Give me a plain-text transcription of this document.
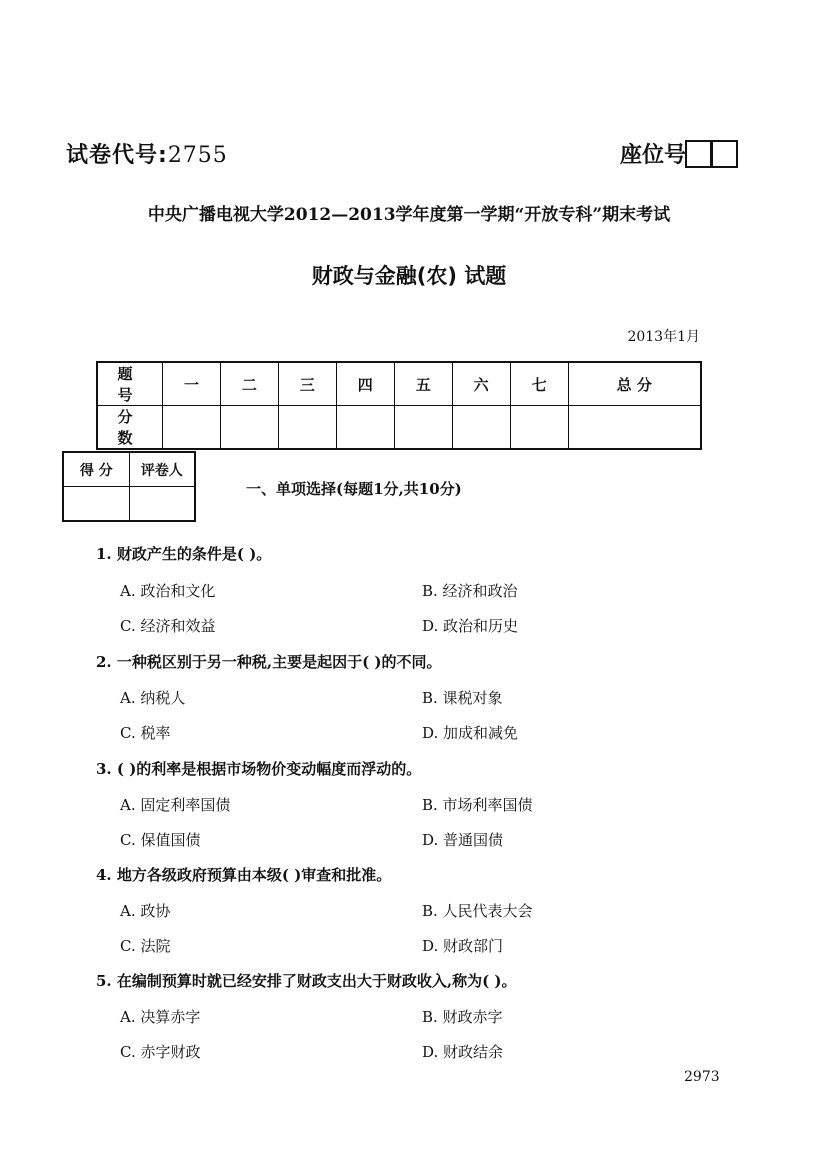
试卷代号:2755	座位号
中央广播电视大学2012—2013学年度第一学期“开放专科”期末考试
财政与金融(农) 试题
2013年1月
题 号	一	二	三	四	五	六	七	总 分
分 数								
得 分	评卷人

一、单项选择(每题1分,共10分)
1. 财政产生的条件是( )。
A. 政治和文化	B. 经济和政治
C. 经济和效益	D. 政治和历史
2. 一种税区别于另一种税,主要是起因于( )的不同。
A. 纳税人	B. 课税对象
C. 税率	D. 加成和减免
3. ( )的利率是根据市场物价变动幅度而浮动的。
A. 固定利率国债	B. 市场利率国债
C. 保值国债	D. 普通国债
4. 地方各级政府预算由本级( )审查和批准。
A. 政协	B. 人民代表大会
C. 法院	D. 财政部门
5. 在编制预算时就已经安排了财政支出大于财政收入,称为( )。
A. 决算赤字	B. 财政赤字
C. 赤字财政	D. 财政结余
2973
